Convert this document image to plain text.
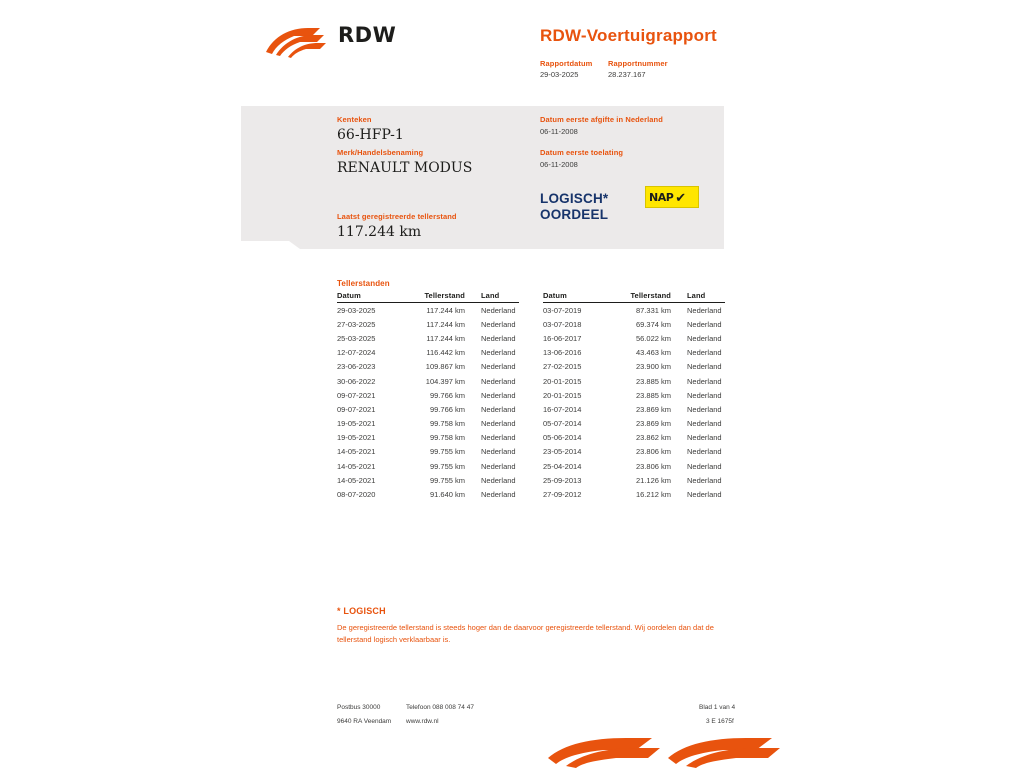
RDW	RDW-Voertuigrapport
Rapportdatum
29-03-2025
Rapportnummer
28.237.167
Kenteken
66-HFP-1
Merk/Handelsbenaming
RENAULT MODUS
Laatst geregistreerde tellerstand
117.244 km
Datum eerste afgifte in Nederland
06-11-2008
Datum eerste toelating
06-11-2008
LOGISCH*
OORDEEL
NAP ✔
Tellerstanden
Datum	Tellerstand	Land
29-03-2025	117.244 km	Nederland
27-03-2025	117.244 km	Nederland
25-03-2025	117.244 km	Nederland
12-07-2024	116.442 km	Nederland
23-06-2023	109.867 km	Nederland
30-06-2022	104.397 km	Nederland
09-07-2021	99.766 km	Nederland
09-07-2021	99.766 km	Nederland
19-05-2021	99.758 km	Nederland
19-05-2021	99.758 km	Nederland
14-05-2021	99.755 km	Nederland
14-05-2021	99.755 km	Nederland
14-05-2021	99.755 km	Nederland
08-07-2020	91.640 km	Nederland
Datum	Tellerstand	Land
03-07-2019	87.331 km	Nederland
03-07-2018	69.374 km	Nederland
16-06-2017	56.022 km	Nederland
13-06-2016	43.463 km	Nederland
27-02-2015	23.900 km	Nederland
20-01-2015	23.885 km	Nederland
20-01-2015	23.885 km	Nederland
16-07-2014	23.869 km	Nederland
05-07-2014	23.869 km	Nederland
05-06-2014	23.862 km	Nederland
23-05-2014	23.806 km	Nederland
25-04-2014	23.806 km	Nederland
25-09-2013	21.126 km	Nederland
27-09-2012	16.212 km	Nederland
* LOGISCH
De geregistreerde tellerstand is steeds hoger dan de daarvoor geregistreerde tellerstand. Wij oordelen dan dat de tellerstand logisch verklaarbaar is.
Postbus 30000
9640 RA Veendam
Telefoon 088 008 74 47
www.rdw.nl
Blad 1 van 4
3 E 1675f
